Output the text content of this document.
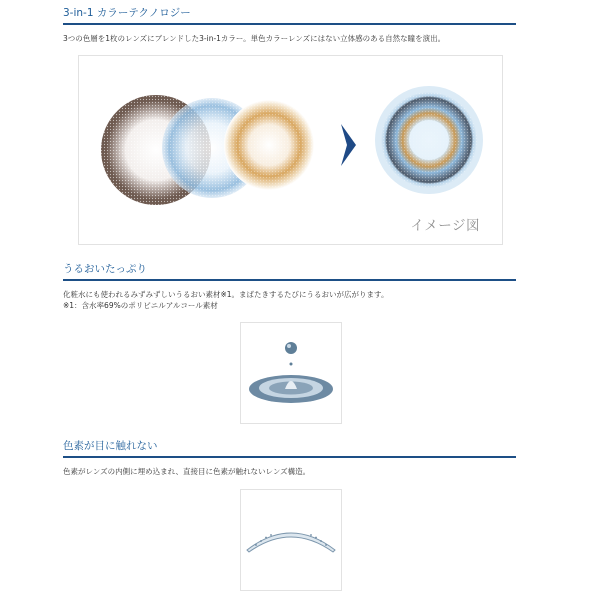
3-in-1 カラーテクノロジー
3つの色層を1枚のレンズにブレンドした3-in-1カラー。単色カラーレンズにはない立体感のある自然な瞳を演出。
イメージ図
うるおいたっぷり
化粧水にも使われるみずみずしいうるおい素材※1。まばたきするたびにうるおいが広がります。
※1：含水率69%のポリビニルアルコール素材
色素が目に触れない
色素がレンズの内側に埋め込まれ、直接目に色素が触れないレンズ構造。
